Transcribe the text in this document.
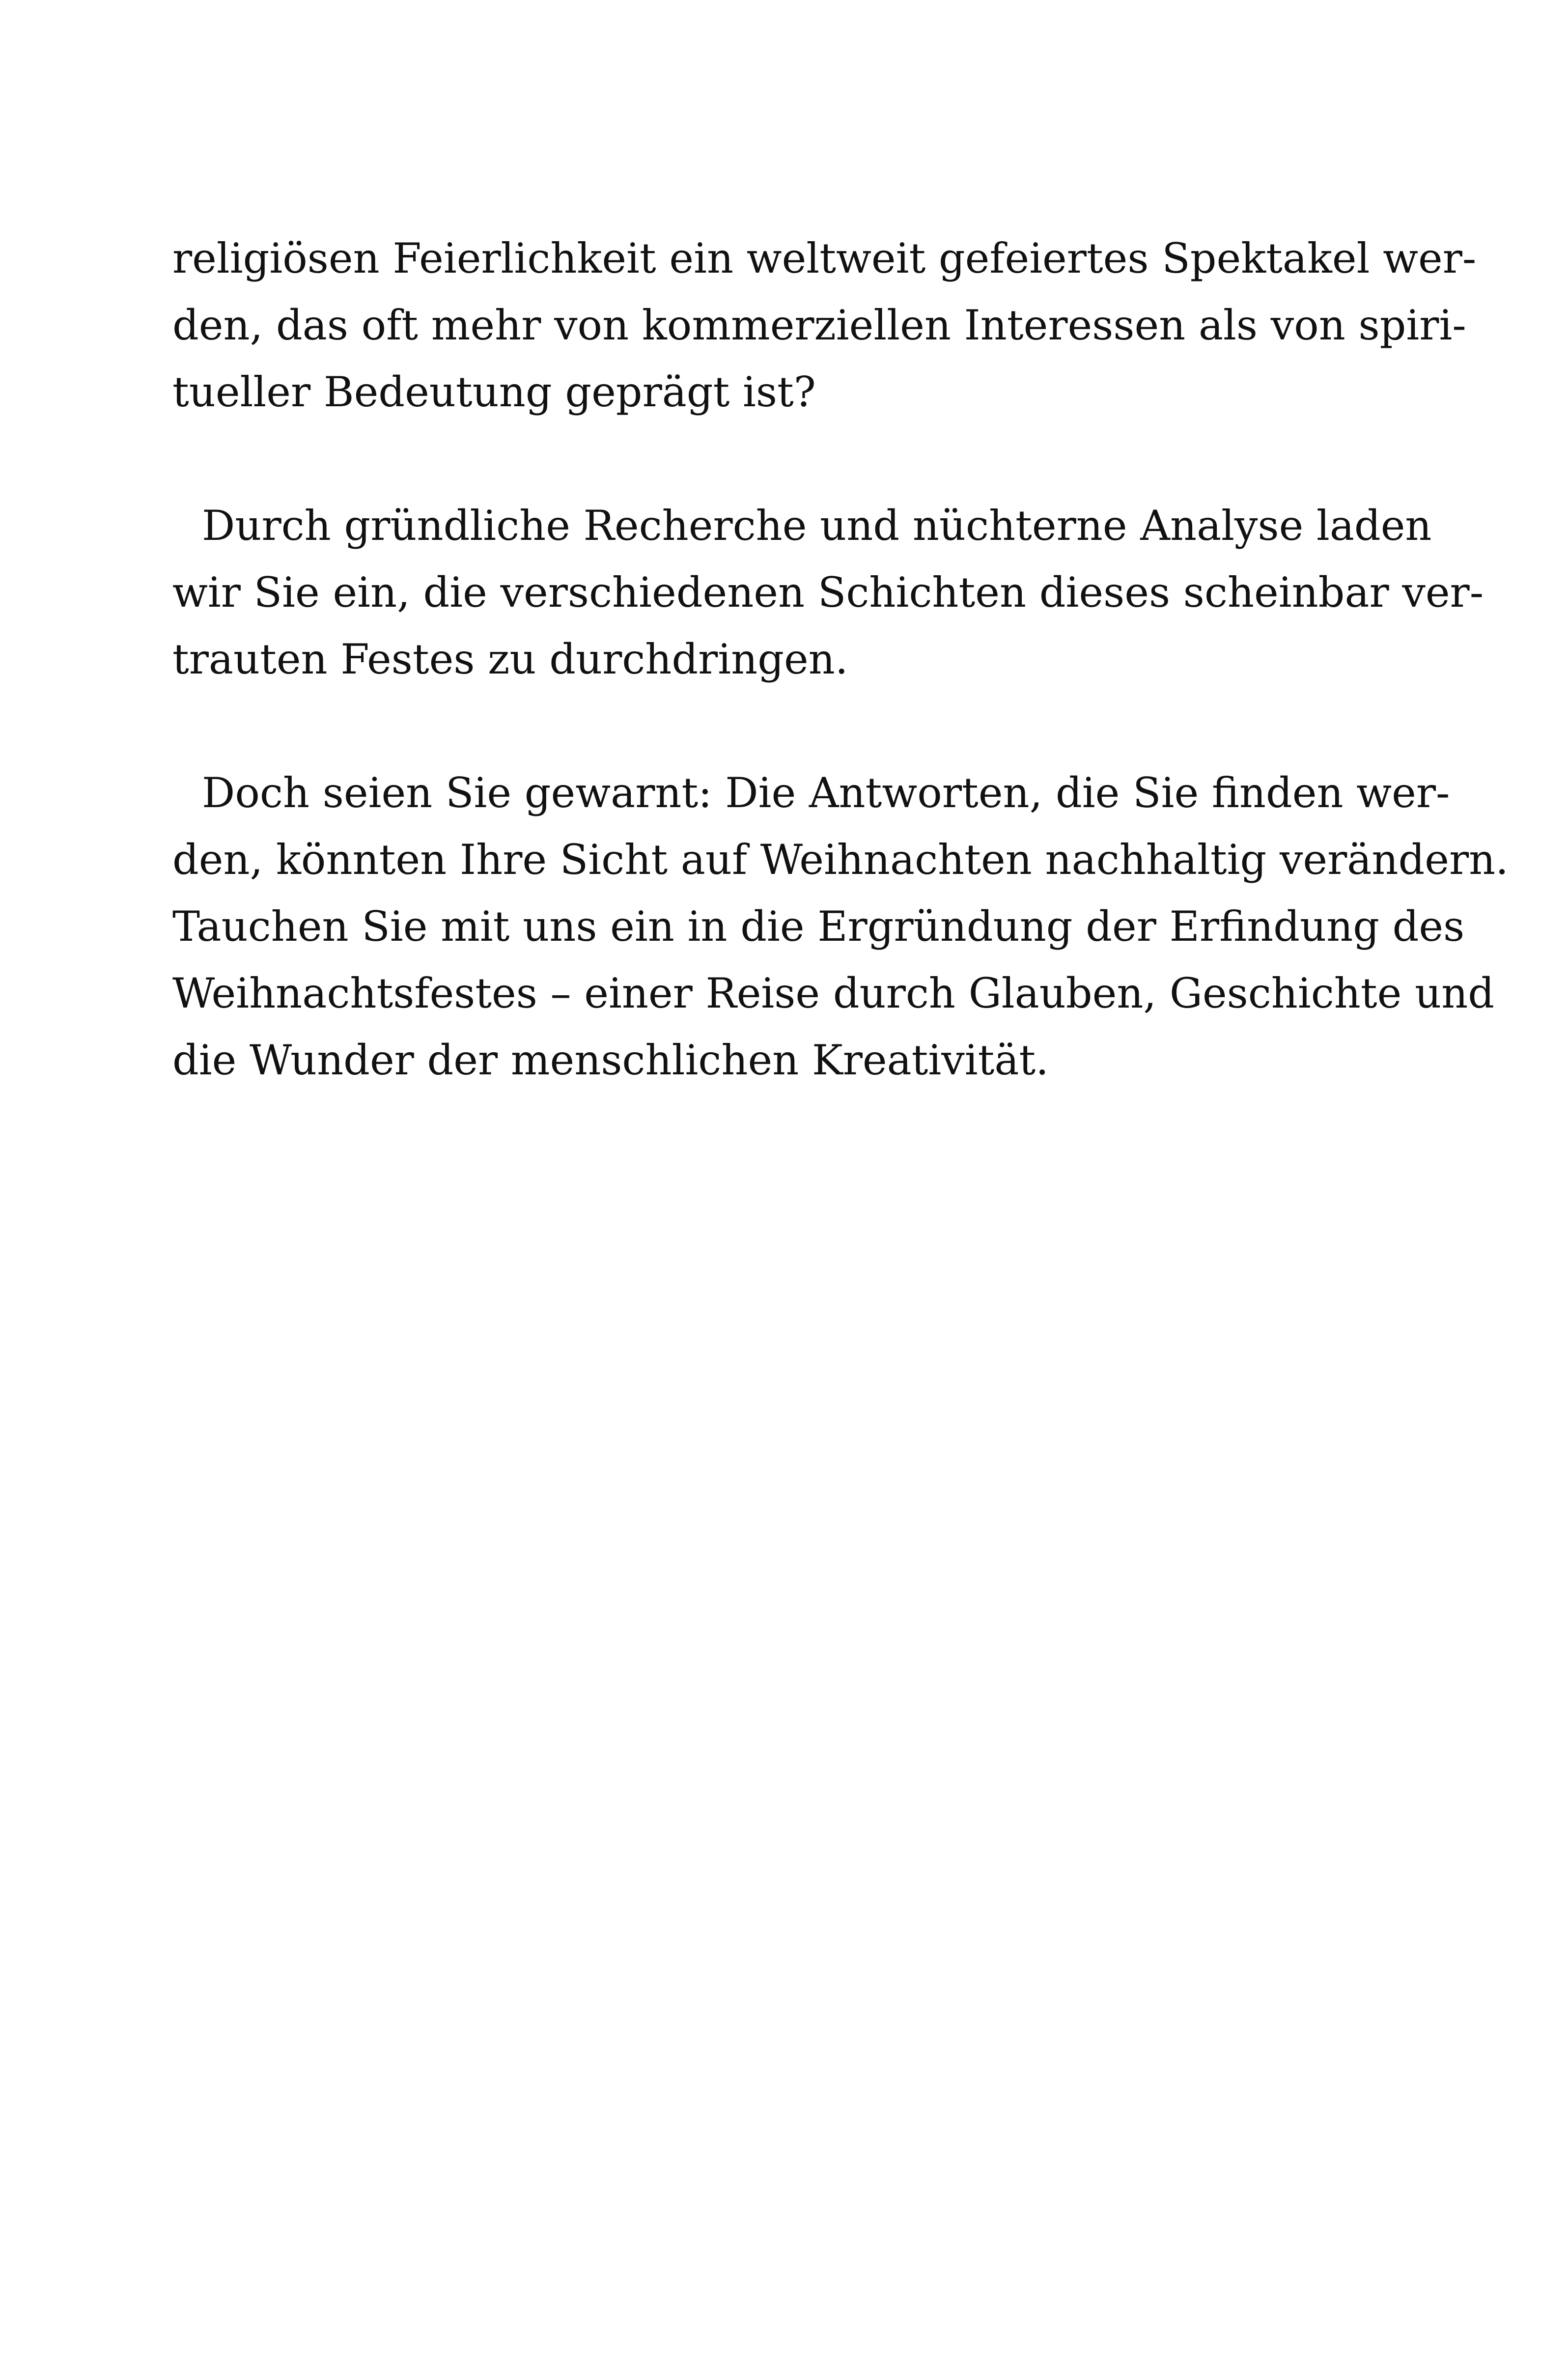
religiösen Feierlichkeit ein weltweit gefeiertes Spektakel wer-
den, das oft mehr von kommerziellen Interessen als von spiri-
tueller Bedeutung geprägt ist?
Durch gründliche Recherche und nüchterne Analyse laden
wir Sie ein, die verschiedenen Schichten dieses scheinbar ver-
trauten Festes zu durchdringen.
Doch seien Sie gewarnt: Die Antworten, die Sie finden wer-
den, könnten Ihre Sicht auf Weihnachten nachhaltig verändern.
Tauchen Sie mit uns ein in die Ergründung der Erfindung des
Weihnachtsfestes – einer Reise durch Glauben, Geschichte und
die Wunder der menschlichen Kreativität.
